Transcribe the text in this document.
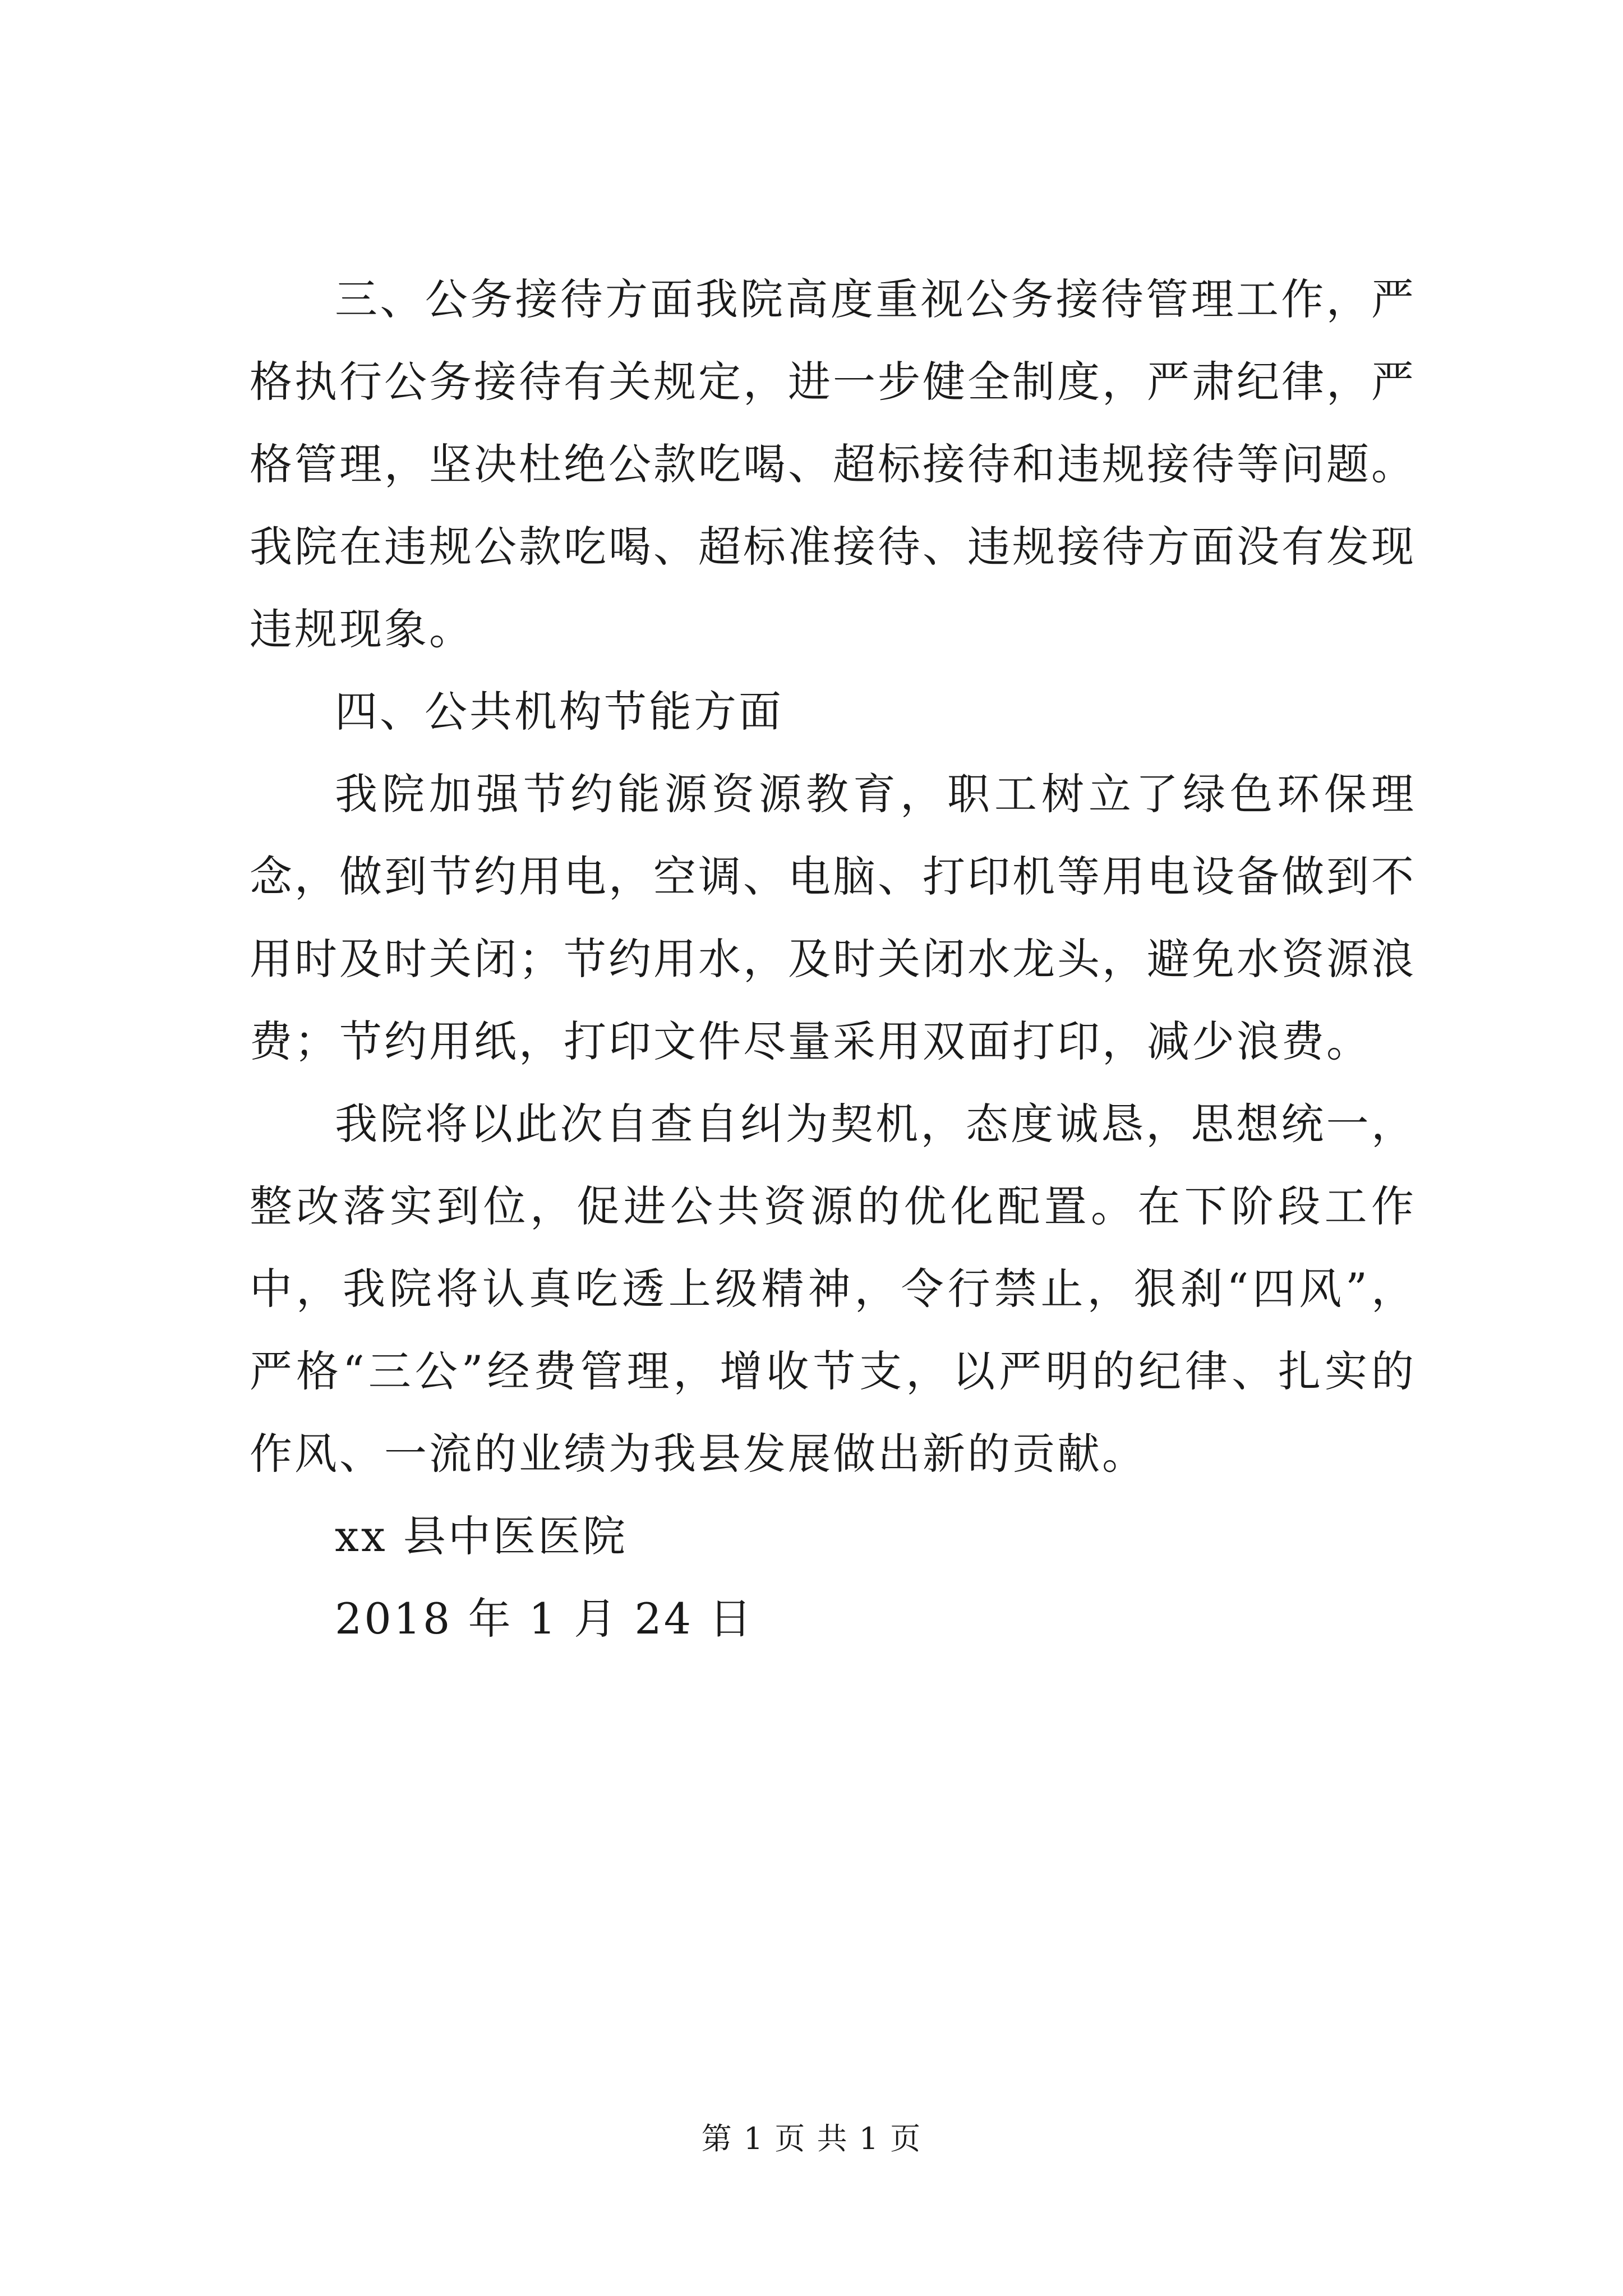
三、公务接待方面我院高度重视公务接待管理工作，严格执行公务接待有关规定，进一步健全制度，严肃纪律，严格管理，坚决杜绝公款吃喝、超标接待和违规接待等问题。我院在违规公款吃喝、超标准接待、违规接待方面没有发现违规现象。

四、公共机构节能方面

我院加强节约能源资源教育，职工树立了绿色环保理念，做到节约用电，空调、电脑、打印机等用电设备做到不用时及时关闭；节约用水，及时关闭水龙头，避免水资源浪费；节约用纸，打印文件尽量采用双面打印，减少浪费。

我院将以此次自查自纠为契机，态度诚恳，思想统一，整改落实到位，促进公共资源的优化配置。在下阶段工作中，我院将认真吃透上级精神，令行禁止，狠刹“四风”，严格“三公”经费管理，增收节支，以严明的纪律、扎实的作风、一流的业绩为我县发展做出新的贡献。

xx 县中医医院

2018 年 1 月 24 日

第 1 页 共 1 页
